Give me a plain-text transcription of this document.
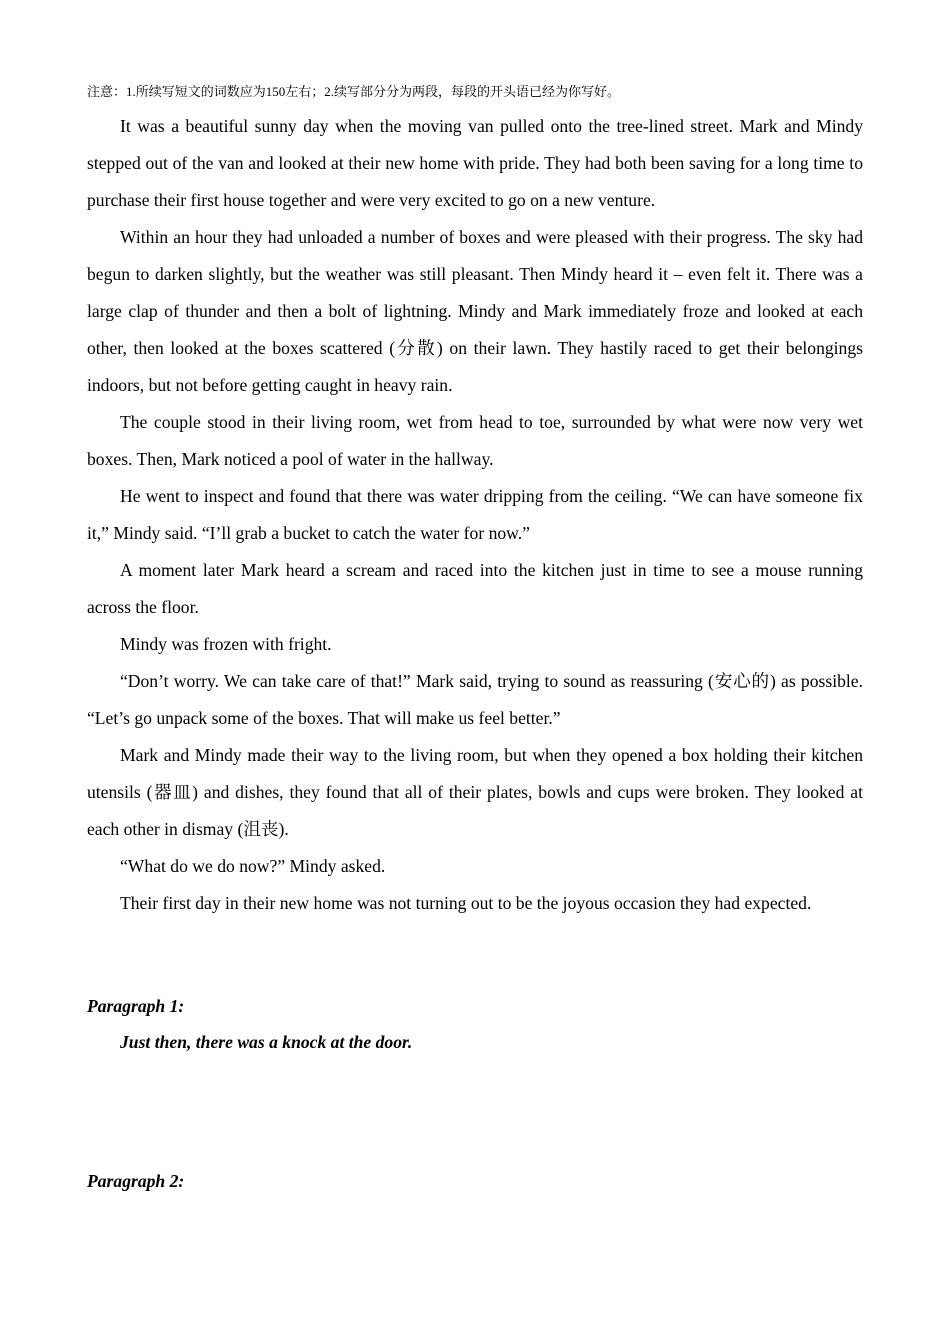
注意：1.所续写短文的词数应为150左右；2.续写部分分为两段，每段的开头语已经为你写好。

It was a beautiful sunny day when the moving van pulled onto the tree-lined street. Mark and Mindy stepped out of the van and looked at their new home with pride. They had both been saving for a long time to purchase their first house together and were very excited to go on a new venture.

Within an hour they had unloaded a number of boxes and were pleased with their progress. The sky had begun to darken slightly, but the weather was still pleasant. Then Mindy heard it – even felt it. There was a large clap of thunder and then a bolt of lightning. Mindy and Mark immediately froze and looked at each other, then looked at the boxes scattered (分散) on their lawn. They hastily raced to get their belongings indoors, but not before getting caught in heavy rain.

The couple stood in their living room, wet from head to toe, surrounded by what were now very wet boxes. Then, Mark noticed a pool of water in the hallway.

He went to inspect and found that there was water dripping from the ceiling. “We can have someone fix it,” Mindy said. “I’ll grab a bucket to catch the water for now.”

A moment later Mark heard a scream and raced into the kitchen just in time to see a mouse running across the floor.

Mindy was frozen with fright.

“Don’t worry. We can take care of that!” Mark said, trying to sound as reassuring (安心的) as possible. “Let’s go unpack some of the boxes. That will make us feel better.”

Mark and Mindy made their way to the living room, but when they opened a box holding their kitchen utensils (器皿) and dishes, they found that all of their plates, bowls and cups were broken. They looked at each other in dismay (沮丧).

“What do we do now?” Mindy asked.

Their first day in their new home was not turning out to be the joyous occasion they had expected.

Paragraph 1:
Just then, there was a knock at the door.
Paragraph 2:
